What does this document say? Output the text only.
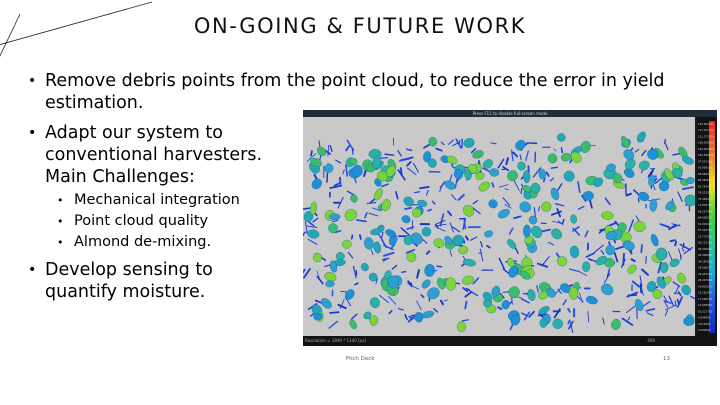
ON-GOING & FUTURE WORK
• Remove debris points from the point cloud, to reduce the error in yield estimation.
• Adapt our system to conventional harvesters. Main Challenges:
• Mechanical integration
• Point cloud quality
• Almond de-mixing.
• Develop sensing to quantify moisture.
Press F11 to disable full-screen mode
119.962341
115.341149
111.721729
108.050058
104.469993
100.848476
97.227383
93.606148
89.984912
86.363676
82.742441
79.121205
75.499970
71.878734
68.257498
64.636263
61.015027
57.393791
53.772556
50.151320
46.530084
42.908849
39.287613
35.666377
32.045142
28.423906
24.802670
21.181435
17.560199
13.938963
10.317728
6.696492
3.075256
0.000000
Resolution = 1849 * 1140 [px]	400
Pitch Deck	13
